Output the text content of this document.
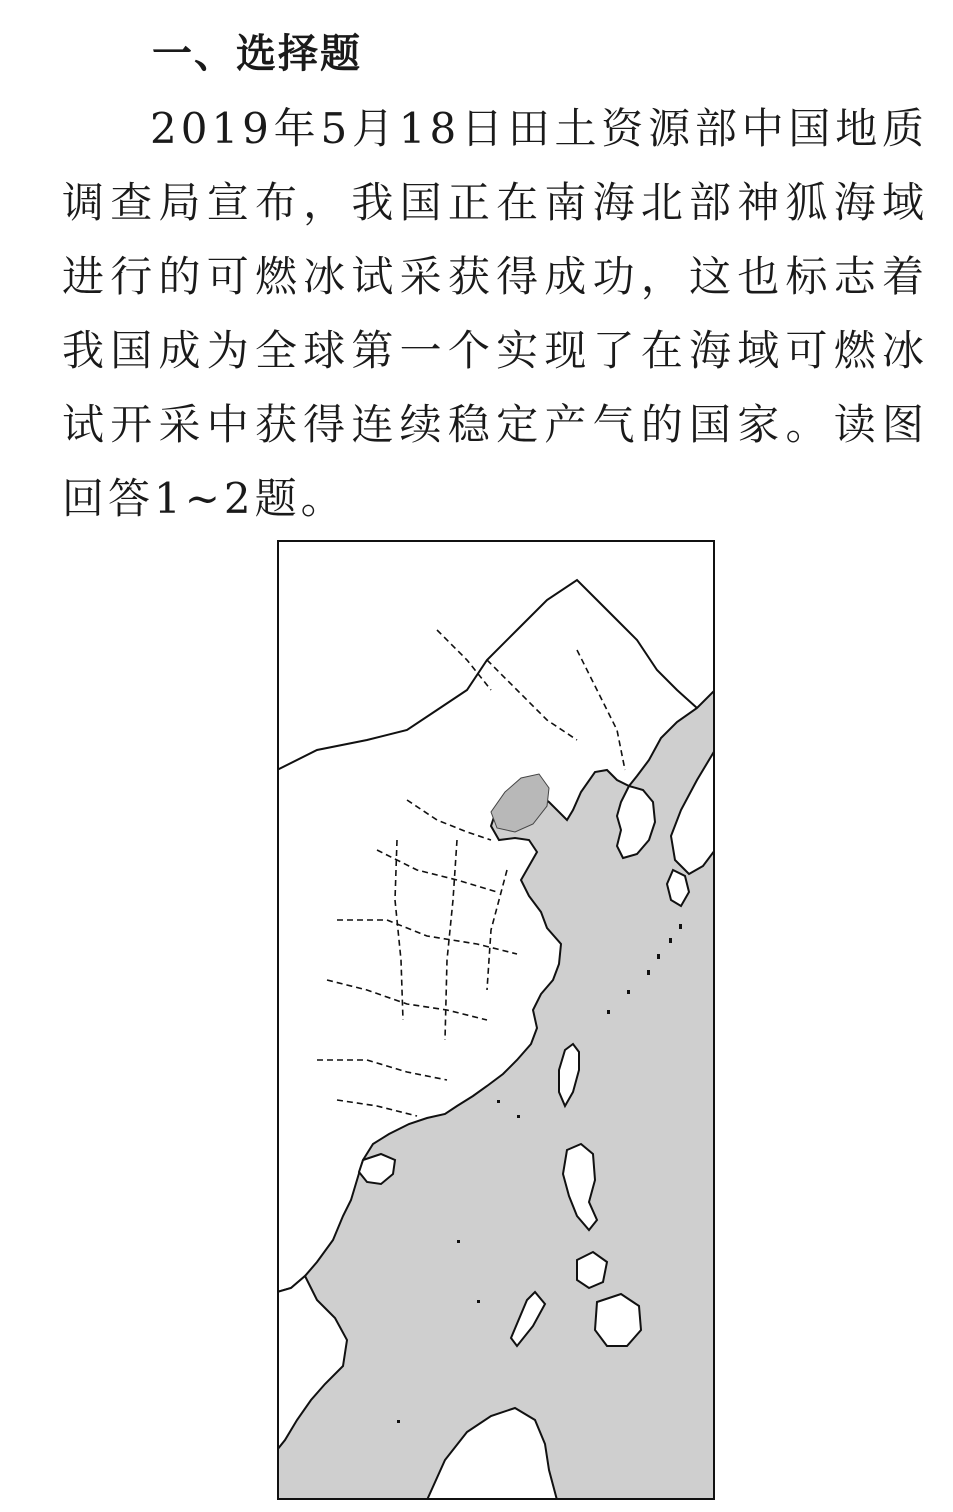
一、选择题

2019年5月18日田土资源部中国地质调查局宣布，我国正在南海北部神狐海域进行的可燃冰试采获得成功，这也标志着我国成为全球第一个实现了在海域可燃冰试开采中获得连续稳定产气的国家。读图回答1~2题。
